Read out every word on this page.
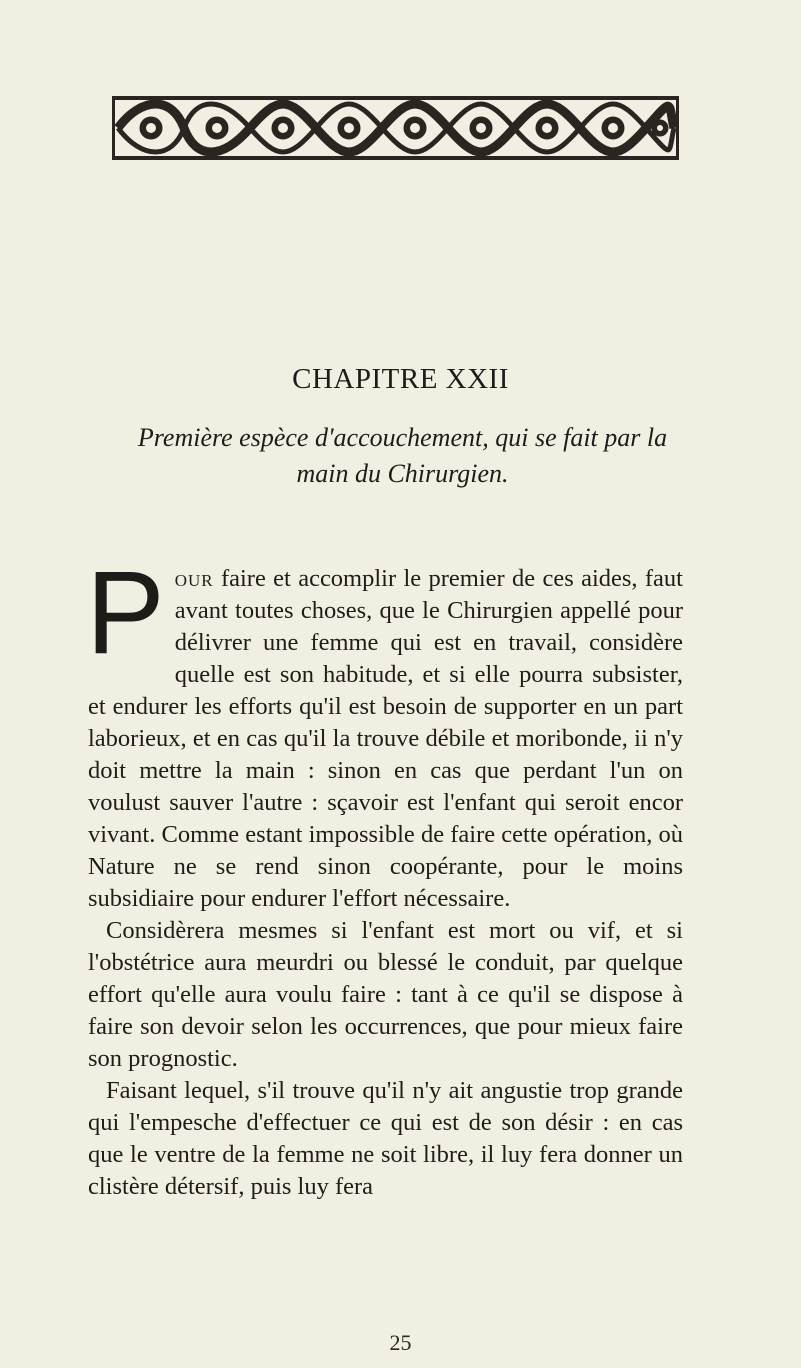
CHAPITRE XXII
Première espèce d'accouchement, qui se fait par la main du Chirurgien.

Pour faire et accomplir le premier de ces aides, faut avant toutes choses, que le Chirurgien appellé pour délivrer une femme qui est en travail, considère quelle est son habitude, et si elle pourra subsister, et endurer les efforts qu'il est besoin de supporter en un part laborieux, et en cas qu'il la trouve débile et moribonde, ii n'y doit mettre la main : sinon en cas que perdant l'un on voulust sauver l'autre : sçavoir est l'enfant qui seroit encor vivant. Comme estant impossible de faire cette opération, où Nature ne se rend sinon coopérante, pour le moins subsidiaire pour endurer l'effort nécessaire.

Considèrera mesmes si l'enfant est mort ou vif, et si l'obstétrice aura meurdri ou blessé le conduit, par quelque effort qu'elle aura voulu faire : tant à ce qu'il se dispose à faire son devoir selon les occurrences, que pour mieux faire son prognostic.

Faisant lequel, s'il trouve qu'il n'y ait angustie trop grande qui l'empesche d'effectuer ce qui est de son désir : en cas que le ventre de la femme ne soit libre, il luy fera donner un clistère détersif, puis luy fera

25
